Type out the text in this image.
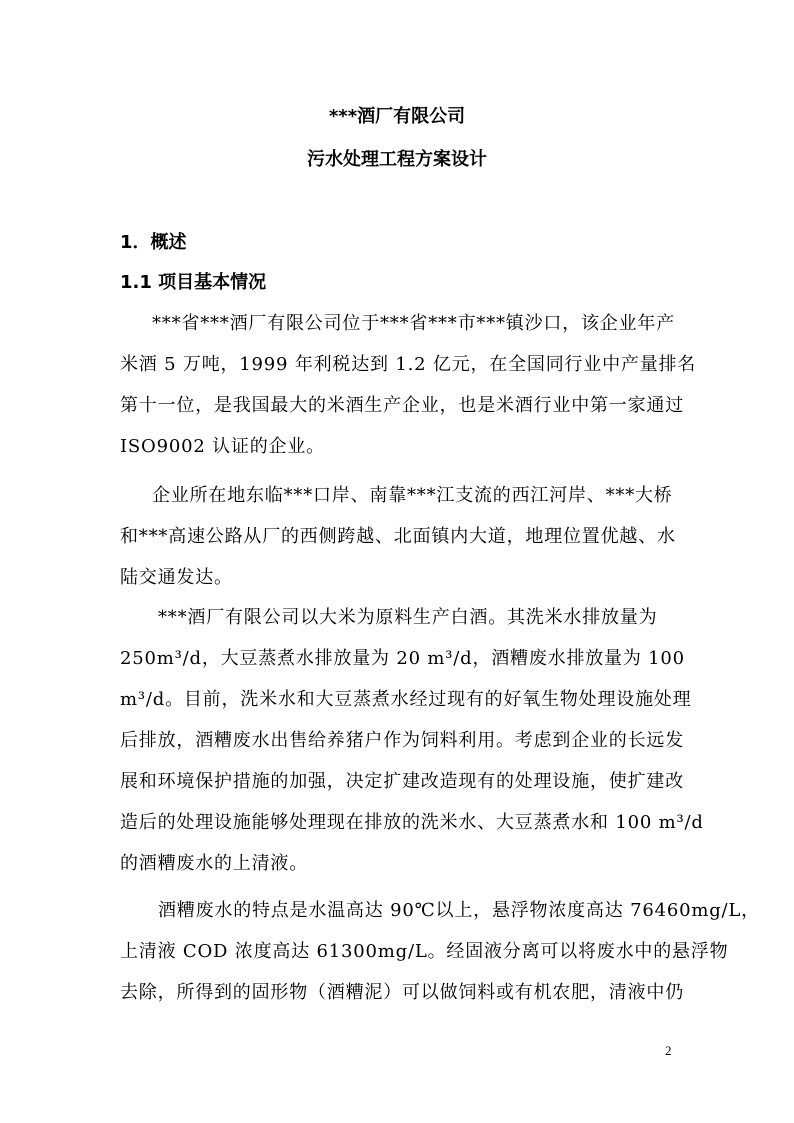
***酒厂有限公司
污水处理工程方案设计
1．概述
1.1 项目基本情况
***省***酒厂有限公司位于***省***市***镇沙口，该企业年产
米酒 5 万吨，1999 年利税达到 1.2 亿元，在全国同行业中产量排名
第十一位，是我国最大的米酒生产企业，也是米酒行业中第一家通过
ISO9002 认证的企业。
企业所在地东临***口岸、南靠***江支流的西江河岸、***大桥
和***高速公路从厂的西侧跨越、北面镇内大道，地理位置优越、水
陆交通发达。
***酒厂有限公司以大米为原料生产白酒。其洗米水排放量为
250m³/d，大豆蒸煮水排放量为 20 m³/d，酒糟废水排放量为 100
m³/d。目前，洗米水和大豆蒸煮水经过现有的好氧生物处理设施处理
后排放，酒糟废水出售给养猪户作为饲料利用。考虑到企业的长远发
展和环境保护措施的加强，决定扩建改造现有的处理设施，使扩建改
造后的处理设施能够处理现在排放的洗米水、大豆蒸煮水和 100 m³/d
的酒糟废水的上清液。
酒糟废水的特点是水温高达 90℃以上，悬浮物浓度高达 76460mg/L，
上清液 COD 浓度高达 61300mg/L。经固液分离可以将废水中的悬浮物
去除，所得到的固形物（酒糟泥）可以做饲料或有机农肥，清液中仍
2
